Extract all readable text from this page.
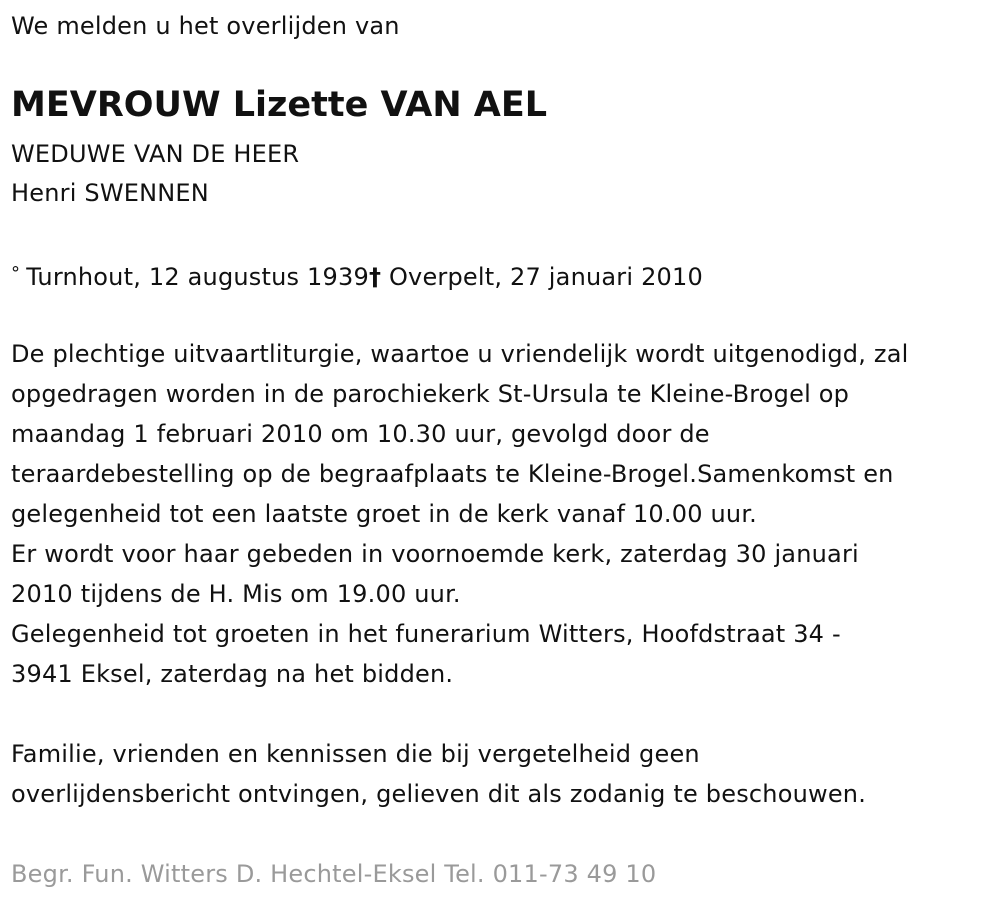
We melden u het overlijden van
MEVROUW Lizette VAN AEL
WEDUWE VAN DE HEER
Henri SWENNEN
° Turnhout, 12 augustus 1939† Overpelt, 27 januari 2010
De plechtige uitvaartliturgie, waartoe u vriendelijk wordt uitgenodigd, zal
opgedragen worden in de parochiekerk St-Ursula te Kleine-Brogel op
maandag 1 februari 2010 om 10.30 uur, gevolgd door de
teraardebestelling op de begraafplaats te Kleine-Brogel.Samenkomst en
gelegenheid tot een laatste groet in de kerk vanaf 10.00 uur.
Er wordt voor haar gebeden in voornoemde kerk, zaterdag 30 januari
2010 tijdens de H. Mis om 19.00 uur.
Gelegenheid tot groeten in het funerarium Witters, Hoofdstraat 34 -
3941 Eksel, zaterdag na het bidden.
Familie, vrienden en kennissen die bij vergetelheid geen
overlijdensbericht ontvingen, gelieven dit als zodanig te beschouwen.
Begr. Fun. Witters D. Hechtel-Eksel Tel. 011-73 49 10
